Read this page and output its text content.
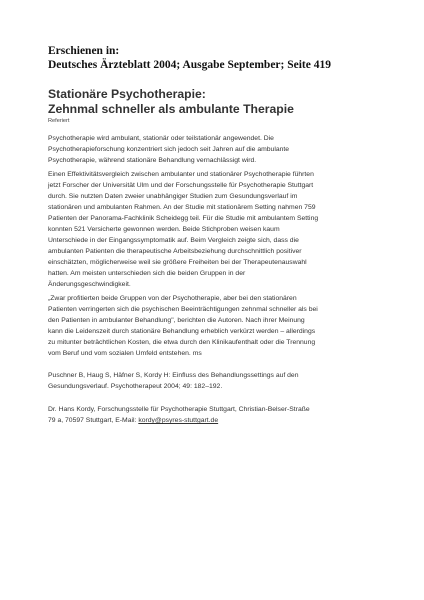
Erschienen in:
Deutsches Ärzteblatt 2004; Ausgabe September; Seite 419

Stationäre Psychotherapie:
Zehnmal schneller als ambulante Therapie

Referiert

Psychotherapie wird ambulant, stationär oder teilstationär angewendet. Die
Psychotherapieforschung konzentriert sich jedoch seit Jahren auf die ambulante
Psychotherapie, während stationäre Behandlung vernachlässigt wird.

Einen Effektivitätsvergleich zwischen ambulanter und stationärer Psychotherapie führten
jetzt Forscher der Universität Ulm und der Forschungsstelle für Psychotherapie Stuttgart
durch. Sie nutzten Daten zweier unabhängiger Studien zum Gesundungsverlauf im
stationären und ambulanten Rahmen. An der Studie mit stationärem Setting nahmen 759
Patienten der Panorama-Fachklinik Scheidegg teil. Für die Studie mit ambulantem Setting
konnten 521 Versicherte gewonnen werden. Beide Stichproben weisen kaum
Unterschiede in der Eingangssymptomatik auf. Beim Vergleich zeigte sich, dass die
ambulanten Patienten die therapeutische Arbeitsbeziehung durchschnittlich positiver
einschätzten, möglicherweise weil sie größere Freiheiten bei der Therapeutenauswahl
hatten. Am meisten unterschieden sich die beiden Gruppen in der
Änderungsgeschwindigkeit.

„Zwar profitierten beide Gruppen von der Psychotherapie, aber bei den stationären
Patienten verringerten sich die psychischen Beeinträchtigungen zehnmal schneller als bei
den Patienten in ambulanter Behandlung", berichten die Autoren. Nach ihrer Meinung
kann die Leidenszeit durch stationäre Behandlung erheblich verkürzt werden – allerdings
zu mitunter beträchtlichen Kosten, die etwa durch den Klinikaufenthalt oder die Trennung
vom Beruf und vom sozialen Umfeld entstehen. ms

Puschner B, Haug S, Häfner S, Kordy H: Einfluss des Behandlungssettings auf den
Gesundungsverlauf. Psychotherapeut 2004; 49: 182–192.

Dr. Hans Kordy, Forschungsstelle für Psychotherapie Stuttgart, Christian-Belser-Straße
79 a, 70597 Stuttgart, E-Mail: kordy@psyres-stuttgart.de
